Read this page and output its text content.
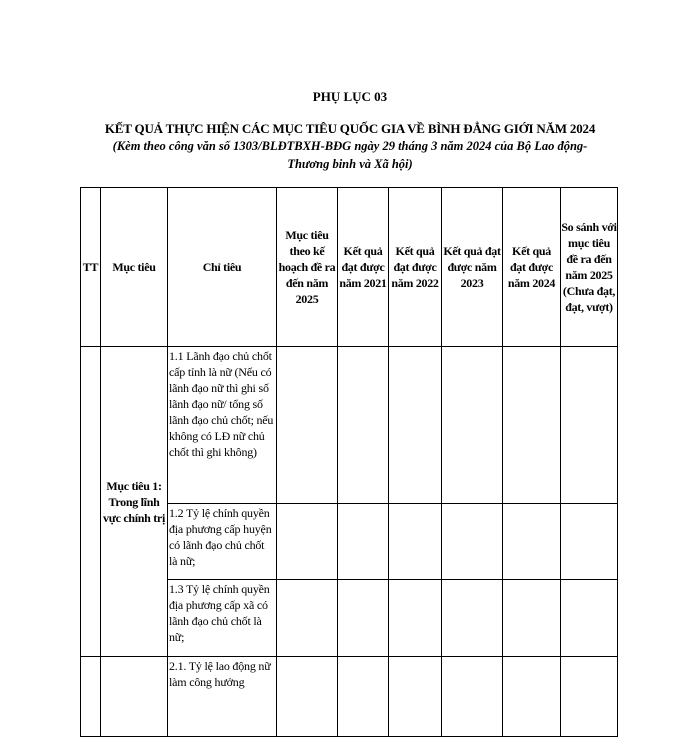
PHỤ LỤC 03
KẾT QUẢ THỰC HIỆN CÁC MỤC TIÊU QUỐC GIA VỀ BÌNH ĐẲNG GIỚI NĂM 2024
(Kèm theo công văn số 1303/BLĐTBXH-BĐG ngày 29 tháng 3 năm 2024 của Bộ Lao động-
Thương binh và Xã hội)
TT	Mục tiêu	Chỉ tiêu	Mục tiêu theo kế hoạch đề ra đến năm 2025	Kết quả đạt được năm 2021	Kết quả đạt được năm 2022	Kết quả đạt được năm 2023	Kết quả đạt được năm 2024	So sánh với mục tiêu đề ra đến năm 2025 (Chưa đạt, đạt, vượt)
	Mục tiêu 1: Trong lĩnh vực chính trị	1.1 Lãnh đạo chủ chốt cấp tỉnh là nữ (Nếu có lãnh đạo nữ thì ghi số lãnh đạo nữ/ tổng số lãnh đạo chủ chốt; nếu không có LĐ nữ chủ chốt thì ghi không)						
		1.2 Tỷ lệ chính quyền địa phương cấp huyện có lãnh đạo chủ chốt là nữ;						
		1.3 Tỷ lệ chính quyền địa phương cấp xã có lãnh đạo chủ chốt là nữ;						
		2.1. Tỷ lệ lao động nữ làm công hưởng						
